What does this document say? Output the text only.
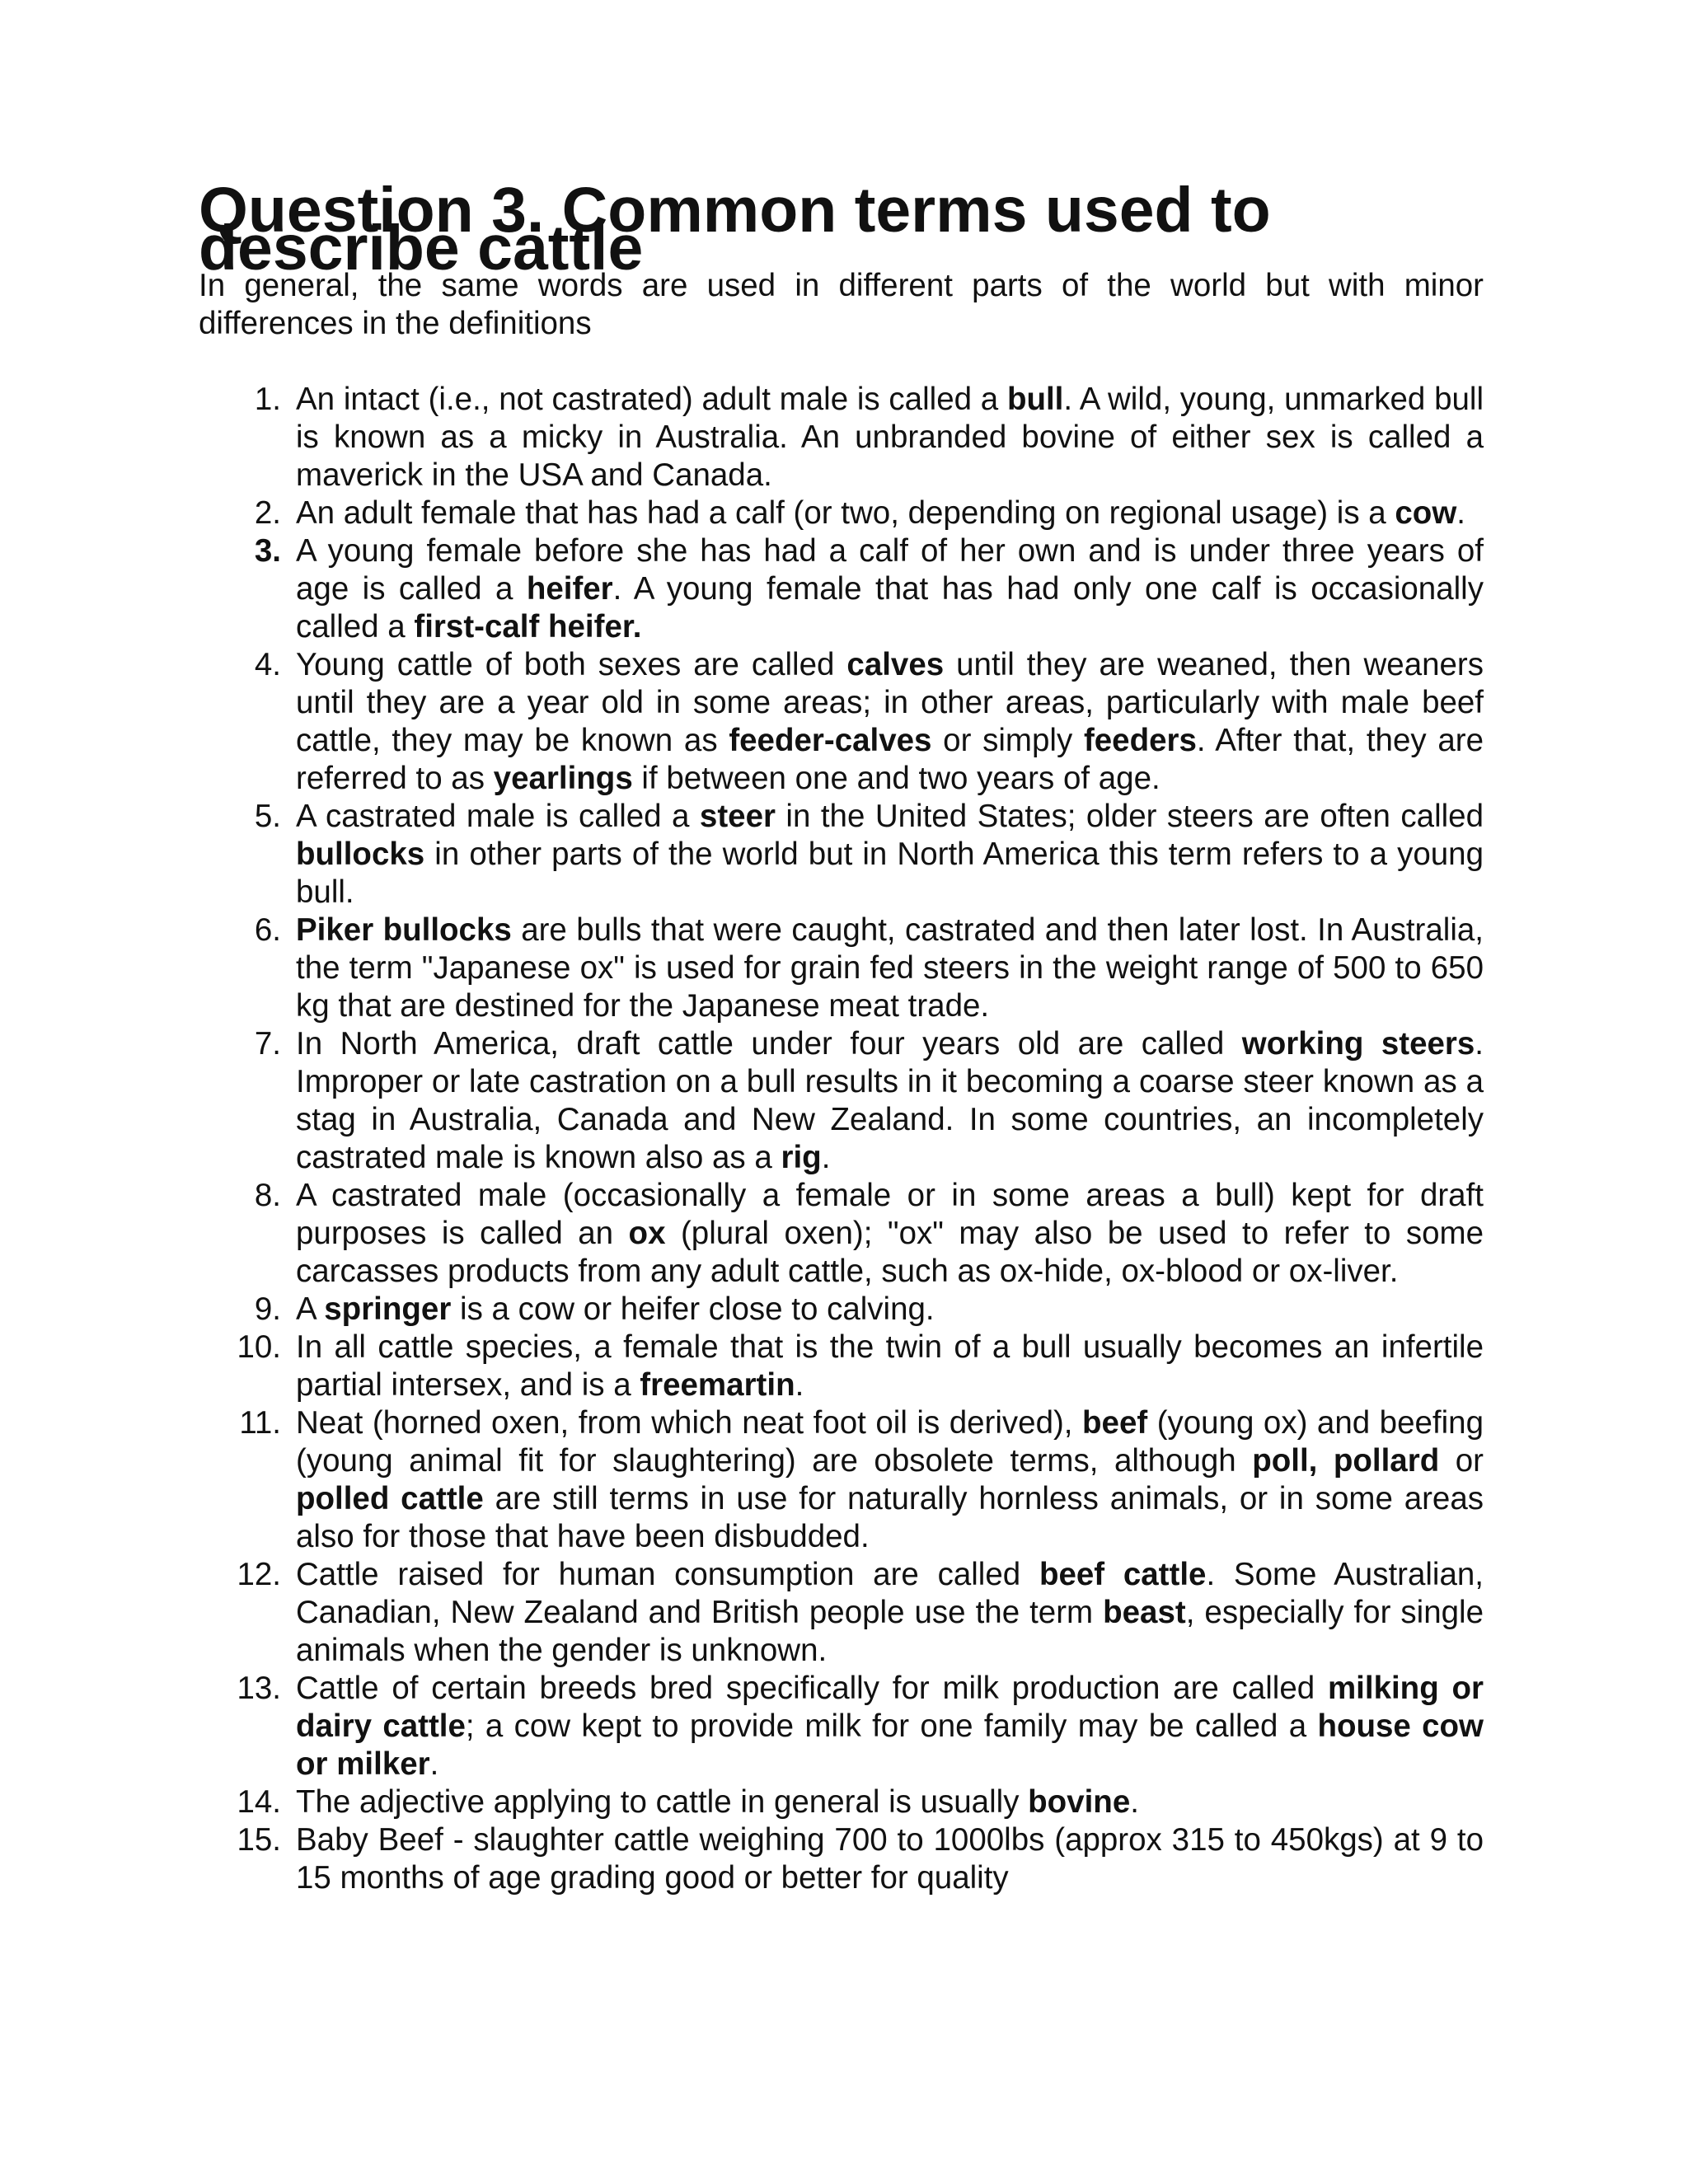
Question 3. Common terms used to describe cattle

In general, the same words are used in different parts of the world but with minor differences in the definitions

1. An intact (i.e., not castrated) adult male is called a bull. A wild, young, unmarked bull is known as a micky in Australia. An unbranded bovine of either sex is called a maverick in the USA and Canada.
2. An adult female that has had a calf (or two, depending on regional usage) is a cow.
3. A young female before she has had a calf of her own and is under three years of age is called a heifer. A young female that has had only one calf is occasionally called a first-calf heifer.
4. Young cattle of both sexes are called calves until they are weaned, then weaners until they are a year old in some areas; in other areas, particularly with male beef cattle, they may be known as feeder-calves or simply feeders. After that, they are referred to as yearlings if between one and two years of age.
5. A castrated male is called a steer in the United States; older steers are often called bullocks in other parts of the world but in North America this term refers to a young bull.
6. Piker bullocks are bulls that were caught, castrated and then later lost. In Australia, the term "Japanese ox" is used for grain fed steers in the weight range of 500 to 650 kg that are destined for the Japanese meat trade.
7. In North America, draft cattle under four years old are called working steers. Improper or late castration on a bull results in it becoming a coarse steer known as a stag in Australia, Canada and New Zealand. In some countries, an incompletely castrated male is known also as a rig.
8. A castrated male (occasionally a female or in some areas a bull) kept for draft purposes is called an ox (plural oxen); "ox" may also be used to refer to some carcasses products from any adult cattle, such as ox-hide, ox-blood or ox-liver.
9. A springer is a cow or heifer close to calving.
10. In all cattle species, a female that is the twin of a bull usually becomes an infertile partial intersex, and is a freemartin.
11. Neat (horned oxen, from which neat foot oil is derived), beef (young ox) and beefing (young animal fit for slaughtering) are obsolete terms, although poll, pollard or polled cattle are still terms in use for naturally hornless animals, or in some areas also for those that have been disbudded.
12. Cattle raised for human consumption are called beef cattle. Some Australian, Canadian, New Zealand and British people use the term beast, especially for single animals when the gender is unknown.
13. Cattle of certain breeds bred specifically for milk production are called milking or dairy cattle; a cow kept to provide milk for one family may be called a house cow or milker.
14. The adjective applying to cattle in general is usually bovine.
15. Baby Beef - slaughter cattle weighing 700 to 1000lbs (approx 315 to 450kgs) at 9 to 15 months of age grading good or better for quality
